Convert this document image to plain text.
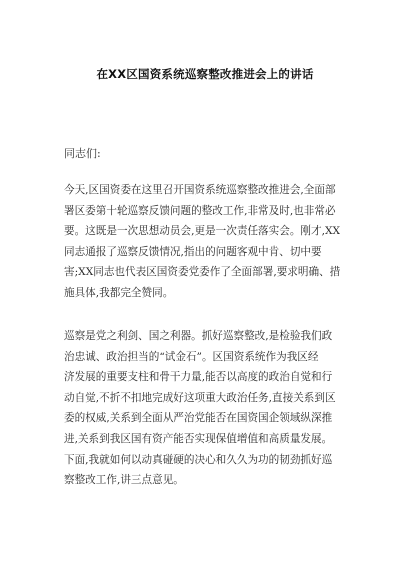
在XX区国资系统巡察整改推进会上的讲话
同志们:
今天,区国资委在这里召开国资系统巡察整改推进会,全面部
署区委第十轮巡察反馈问题的整改工作,非常及时,也非常必
要。这既是一次思想动员会,更是一次责任落实会。刚才,XX
同志通报了巡察反馈情况,指出的问题客观中肯、切中要
害;XX同志也代表区国资委党委作了全面部署,要求明确、措
施具体,我都完全赞同。
巡察是党之利剑、国之利器。抓好巡察整改,是检验我们政
治忠诚、政治担当的“试金石”。区国资系统作为我区经
济发展的重要支柱和骨干力量,能否以高度的政治自觉和行
动自觉,不折不扣地完成好这项重大政治任务,直接关系到区
委的权威,关系到全面从严治党能否在国资国企领域纵深推
进,关系到我区国有资产能否实现保值增值和高质量发展。
下面,我就如何以动真碰硬的决心和久久为功的韧劲抓好巡
察整改工作,讲三点意见。
